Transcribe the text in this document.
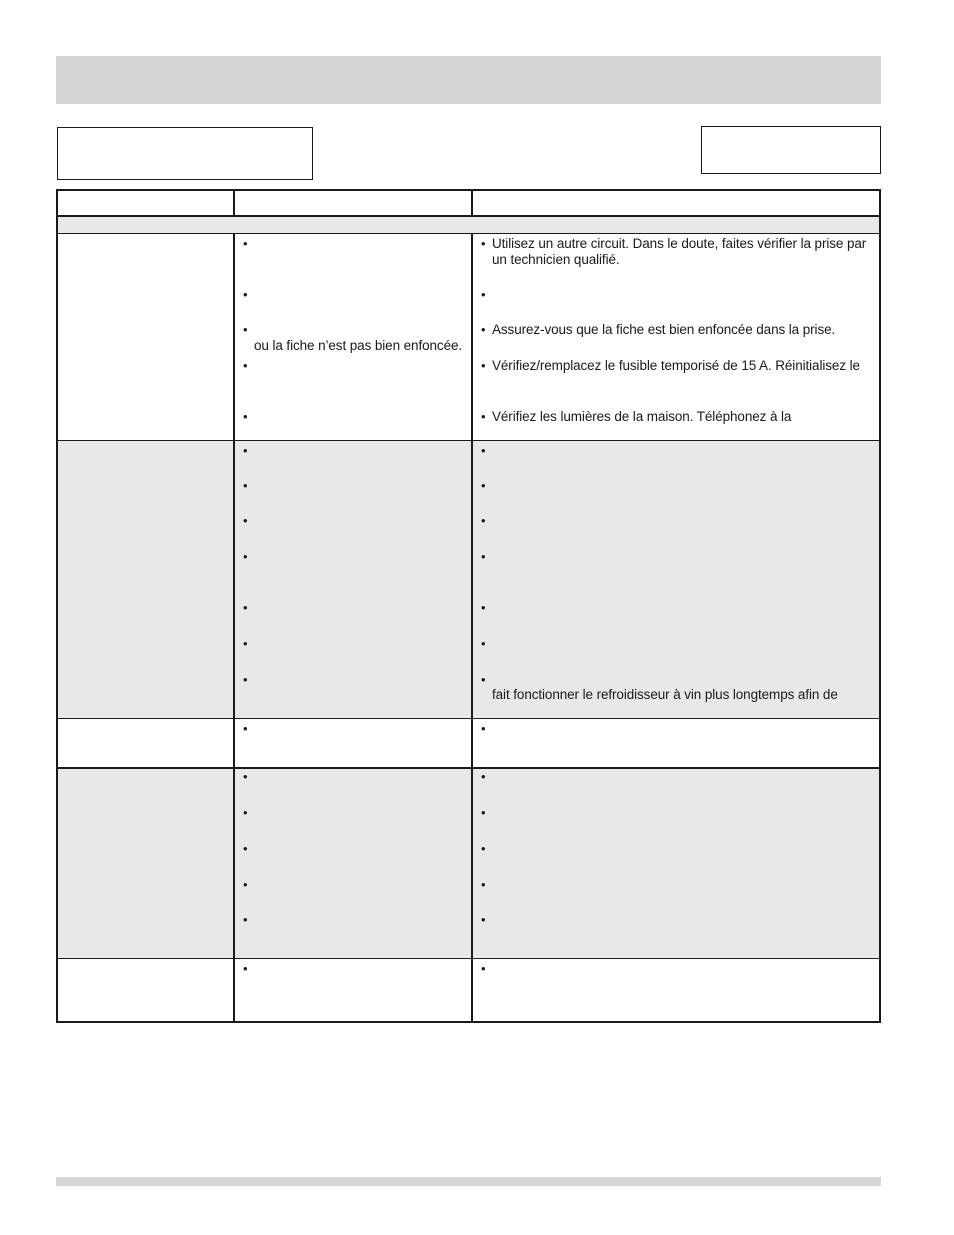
•
•
•
ou la fiche n’est pas bien enfoncée.
•
•
• Utilisez un autre circuit. Dans le doute, faites vérifier la prise par
un technicien qualifié.
•
• Assurez-vous que la fiche est bien enfoncée dans la prise.
• Vérifiez/remplacez le fusible temporisé de 15 A. Réinitialisez le
• Vérifiez les lumières de la maison. Téléphonez à la
•
•
•
•
•
•
•
•
•
•
•
•
•
•
fait fonctionner le refroidisseur à vin plus longtemps afin de
•	•
•
•
•
•
•
•
•
•
•
•
•	•
